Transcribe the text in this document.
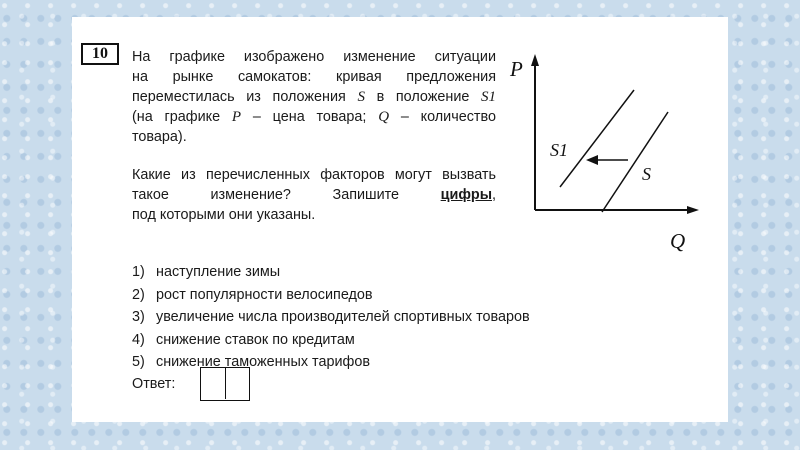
10	На графике изображено изменение ситуации
на рынке самокатов: кривая предложения
переместилась из положения S в положение S1
(на графике P – цена товара; Q – количество
товара).
Какие из перечисленных факторов могут вызвать
такое изменение? Запишите цифры,
под которыми они указаны.
1) наступление зимы
2) рост популярности велосипедов
3) увеличение числа производителей спортивных товаров
4) снижение ставок по кредитам
5) снижение таможенных тарифов
Ответ:
P
Q
S1
S
